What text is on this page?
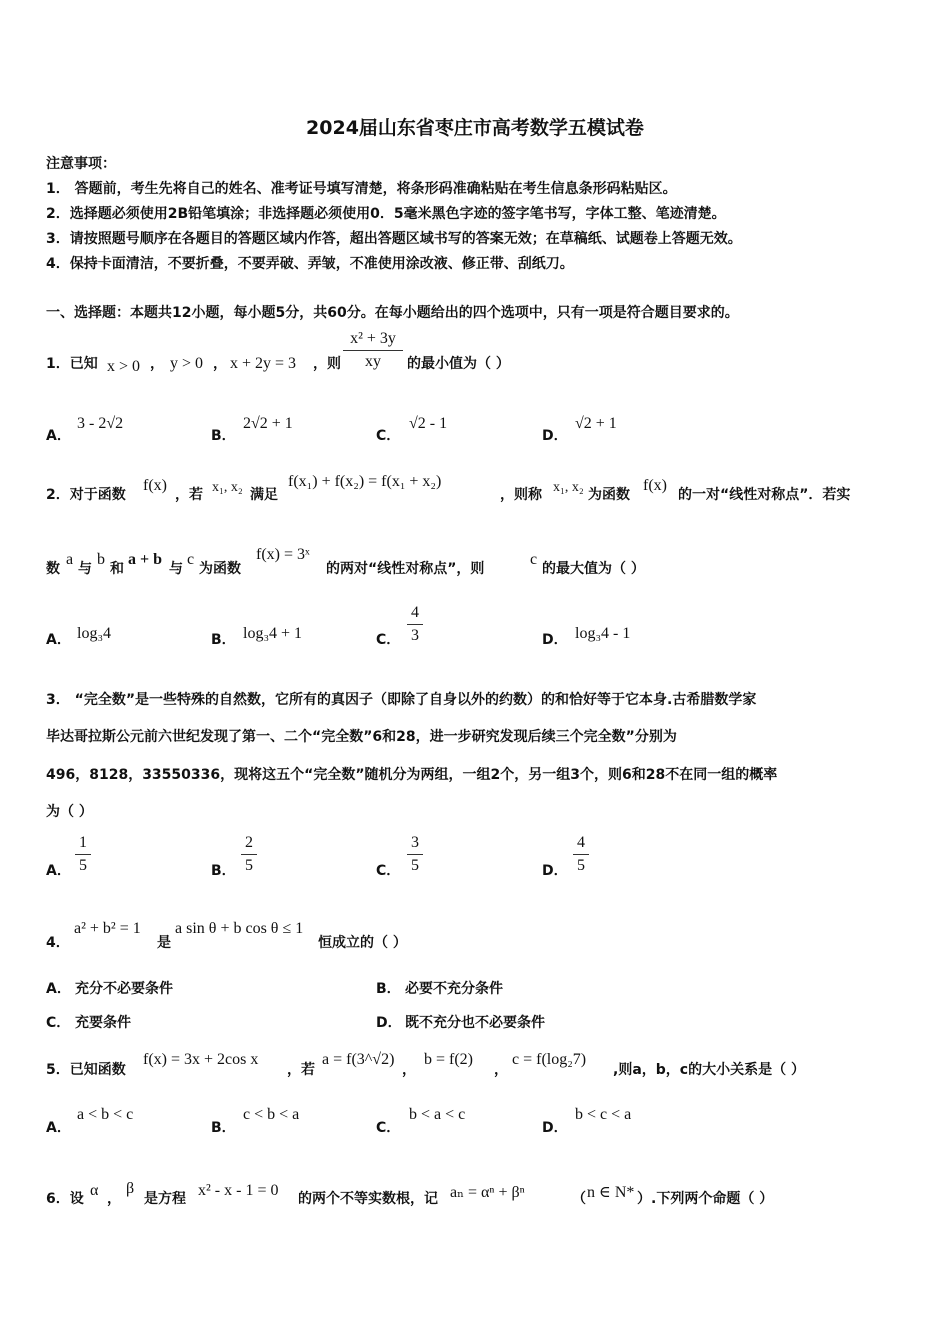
2024届山东省枣庄市高考数学五模试卷
注意事项：
1． 答题前，考生先将自己的姓名、准考证号填写清楚，将条形码准确粘贴在考生信息条形码粘贴区。
2．选择题必须使用2B铅笔填涂；非选择题必须使用0．5毫米黑色字迹的签字笔书写，字体工整、笔迹清楚。
3．请按照题号顺序在各题目的答题区域内作答，超出答题区域书写的答案无效；在草稿纸、试题卷上答题无效。
4．保持卡面清洁，不要折叠，不要弄破、弄皱，不准使用涂改液、修正带、刮纸刀。
一、选择题：本题共12小题，每小题5分，共60分。在每小题给出的四个选项中，只有一项是符合题目要求的。
1．已知 x > 0 ， y > 0 ， x + 2y = 3 ，则
x² + 3y
xy	的最小值为（ ）
A．
3 - 2√2
B．
2√2 + 1
C．
√2 - 1
D．
√2 + 1
2．对于函数
f(x)
，若 x₁, x₂ 满足
f(x₁) + f(x₂) = f(x₁ + x₂)
，则称 x₁, x₂ 为函数
f(x)
的一对“线性对称点”．若实
数
a
与
b
和
a + b
与
c
为函数
f(x) = 3ˣ
的两对“线性对称点”，则
c
的最大值为（ ）
A． log₃4	B． log₃4 + 1	C．
4
3	D． log₃4 - 1
3． “完全数”是一些特殊的自然数，它所有的真因子（即除了自身以外的约数）的和恰好等于它本身.古希腊数学家
毕达哥拉斯公元前六世纪发现了第一、二个“完全数”6和28，进一步研究发现后续三个完全数”分别为
496，8128，33550336，现将这五个“完全数”随机分为两组，一组2个，另一组3个，则6和28不在同一组的概率
为（ ）
A．
1
5	B．
2
5	C．
3
5	D．
4
5
4．
a² + b² = 1
是
a sin θ + b cos θ ≤ 1
恒成立的（ ）
A． 充分不必要条件	B． 必要不充分条件
C． 充要条件	D． 既不充分也不必要条件
5．已知函数
f(x) = 3x + 2cos x
，若
a = f(3^√2)
，
b = f(2)
，
c = f(log₂7)
,则a，b，c的大小关系是（ ）
A．
a < b < c
B．
c < b < a
C．
b < a < c
D．
b < c < a
6．设 α ，
β
是方程 x² - x - 1 = 0 的两个不等实数根，记 aₙ = αⁿ + βⁿ	（ n ∈ N* ）.下列两个命题（ ）
